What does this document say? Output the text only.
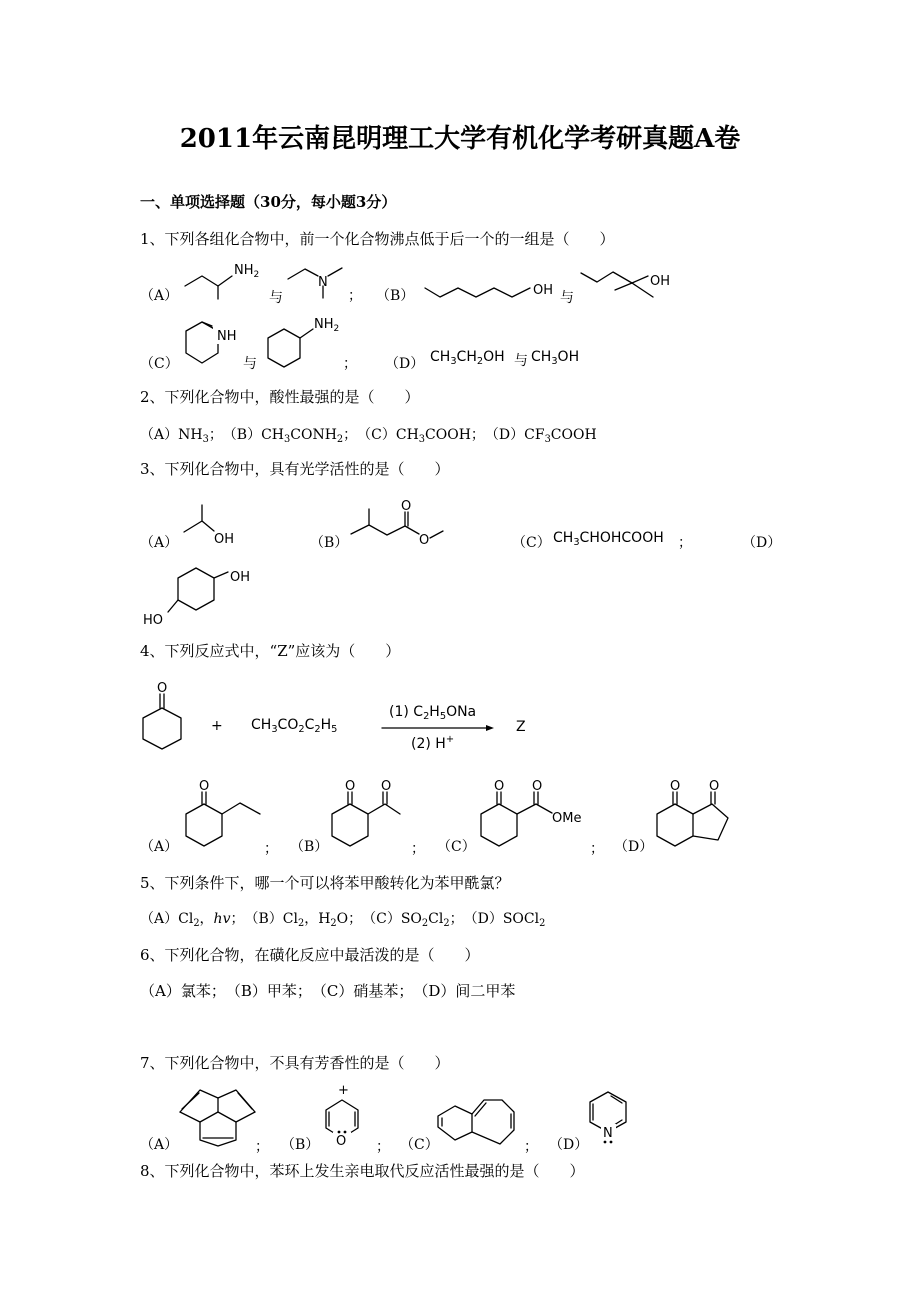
2011年云南昆明理工大学有机化学考研真题A卷
一、单项选择题（30分，每小题3分）
1、下列各组化合物中，前一个化合物沸点低于后一个的一组是（　　）
（A）	与	； （B）	与
（C）	与	； （D） $CH_3CH_2OH$ 与 $CH_3OH$
2、下列化合物中，酸性最强的是（　　）
$(A)NH_3$；　$(B)CH_3CONH_2$；　$(C)CH_3COOH$；　$(D)CF_3COOH$
3、下列化合物中，具有光学活性的是（　　）
（A）	（B）	（C） $CH_3CHOHCOOH$ ；	（D）
4、下列反应式中，“Z”应该为（　　）
+ $CH_3CO_2C_2H_5$
(1) $C_2H_5ONa$
(2) H+
Z
（A）	； （B）	； （C）	； （D）
5、下列条件下，哪一个可以将苯甲酸转化为苯甲酰氯？
$(A)Cl_2$，hv；　$(B)Cl_2$，$H_2O$；　$(C)SO_2Cl_2$；　（D）SOCl$_2$
6、下列化合物，在磺化反应中最活泼的是（　　）
（A）氯苯；　（B）甲苯；　（C）硝基苯；　（D）间二甲苯
7、下列化合物中，不具有芳香性的是（　　）
（A）	； （B）	； （C）	； （D）
8、下列化合物中，苯环上发生亲电取代反应活性最强的是（　　）
$NH_2$	N
OH
OH
NH
$NH_2$
OH
O
O
OH
HO
O
O	O O	O O
OMe
O O
+
O
N
